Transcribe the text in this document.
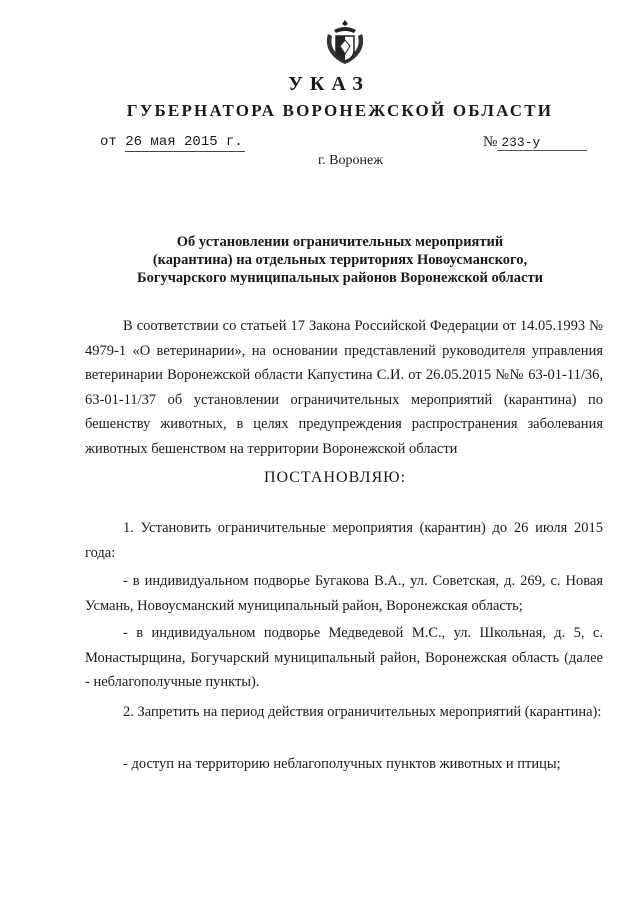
УКАЗ
ГУБЕРНАТОРА ВОРОНЕЖСКОЙ ОБЛАСТИ
от 26 мая 2015 г.	№ 233-у
г. Воронеж
Об установлении ограничительных мероприятий
(карантина) на отдельных территориях Новоусманского,
Богучарского муниципальных районов Воронежской области
В соответствии со статьей 17 Закона Российской Федерации от 14.05.1993 № 4979-1 «О ветеринарии», на основании представлений руководителя управления ветеринарии Воронежской области Капустина С.И. от 26.05.2015 №№ 63-01-11/36, 63-01-11/37 об установлении ограничительных мероприятий (карантина) по бешенству животных, в целях предупреждения распространения заболевания животных бешенством на территории Воронежской области
ПОСТАНОВЛЯЮ:
1. Установить ограничительные мероприятия (карантин) до 26 июля 2015 года:
- в индивидуальном подворье Бугакова В.А., ул. Советская, д. 269, с. Новая Усмань, Новоусманский муниципальный район, Воронежская область;
- в индивидуальном подворье Медведевой М.С., ул. Школьная, д. 5, с. Монастырщина, Богучарский муниципальный район, Воронежская область (далее - неблагополучные пункты).
2. Запретить на период действия ограничительных мероприятий (карантина):
- доступ на территорию неблагополучных пунктов животных и птицы;
